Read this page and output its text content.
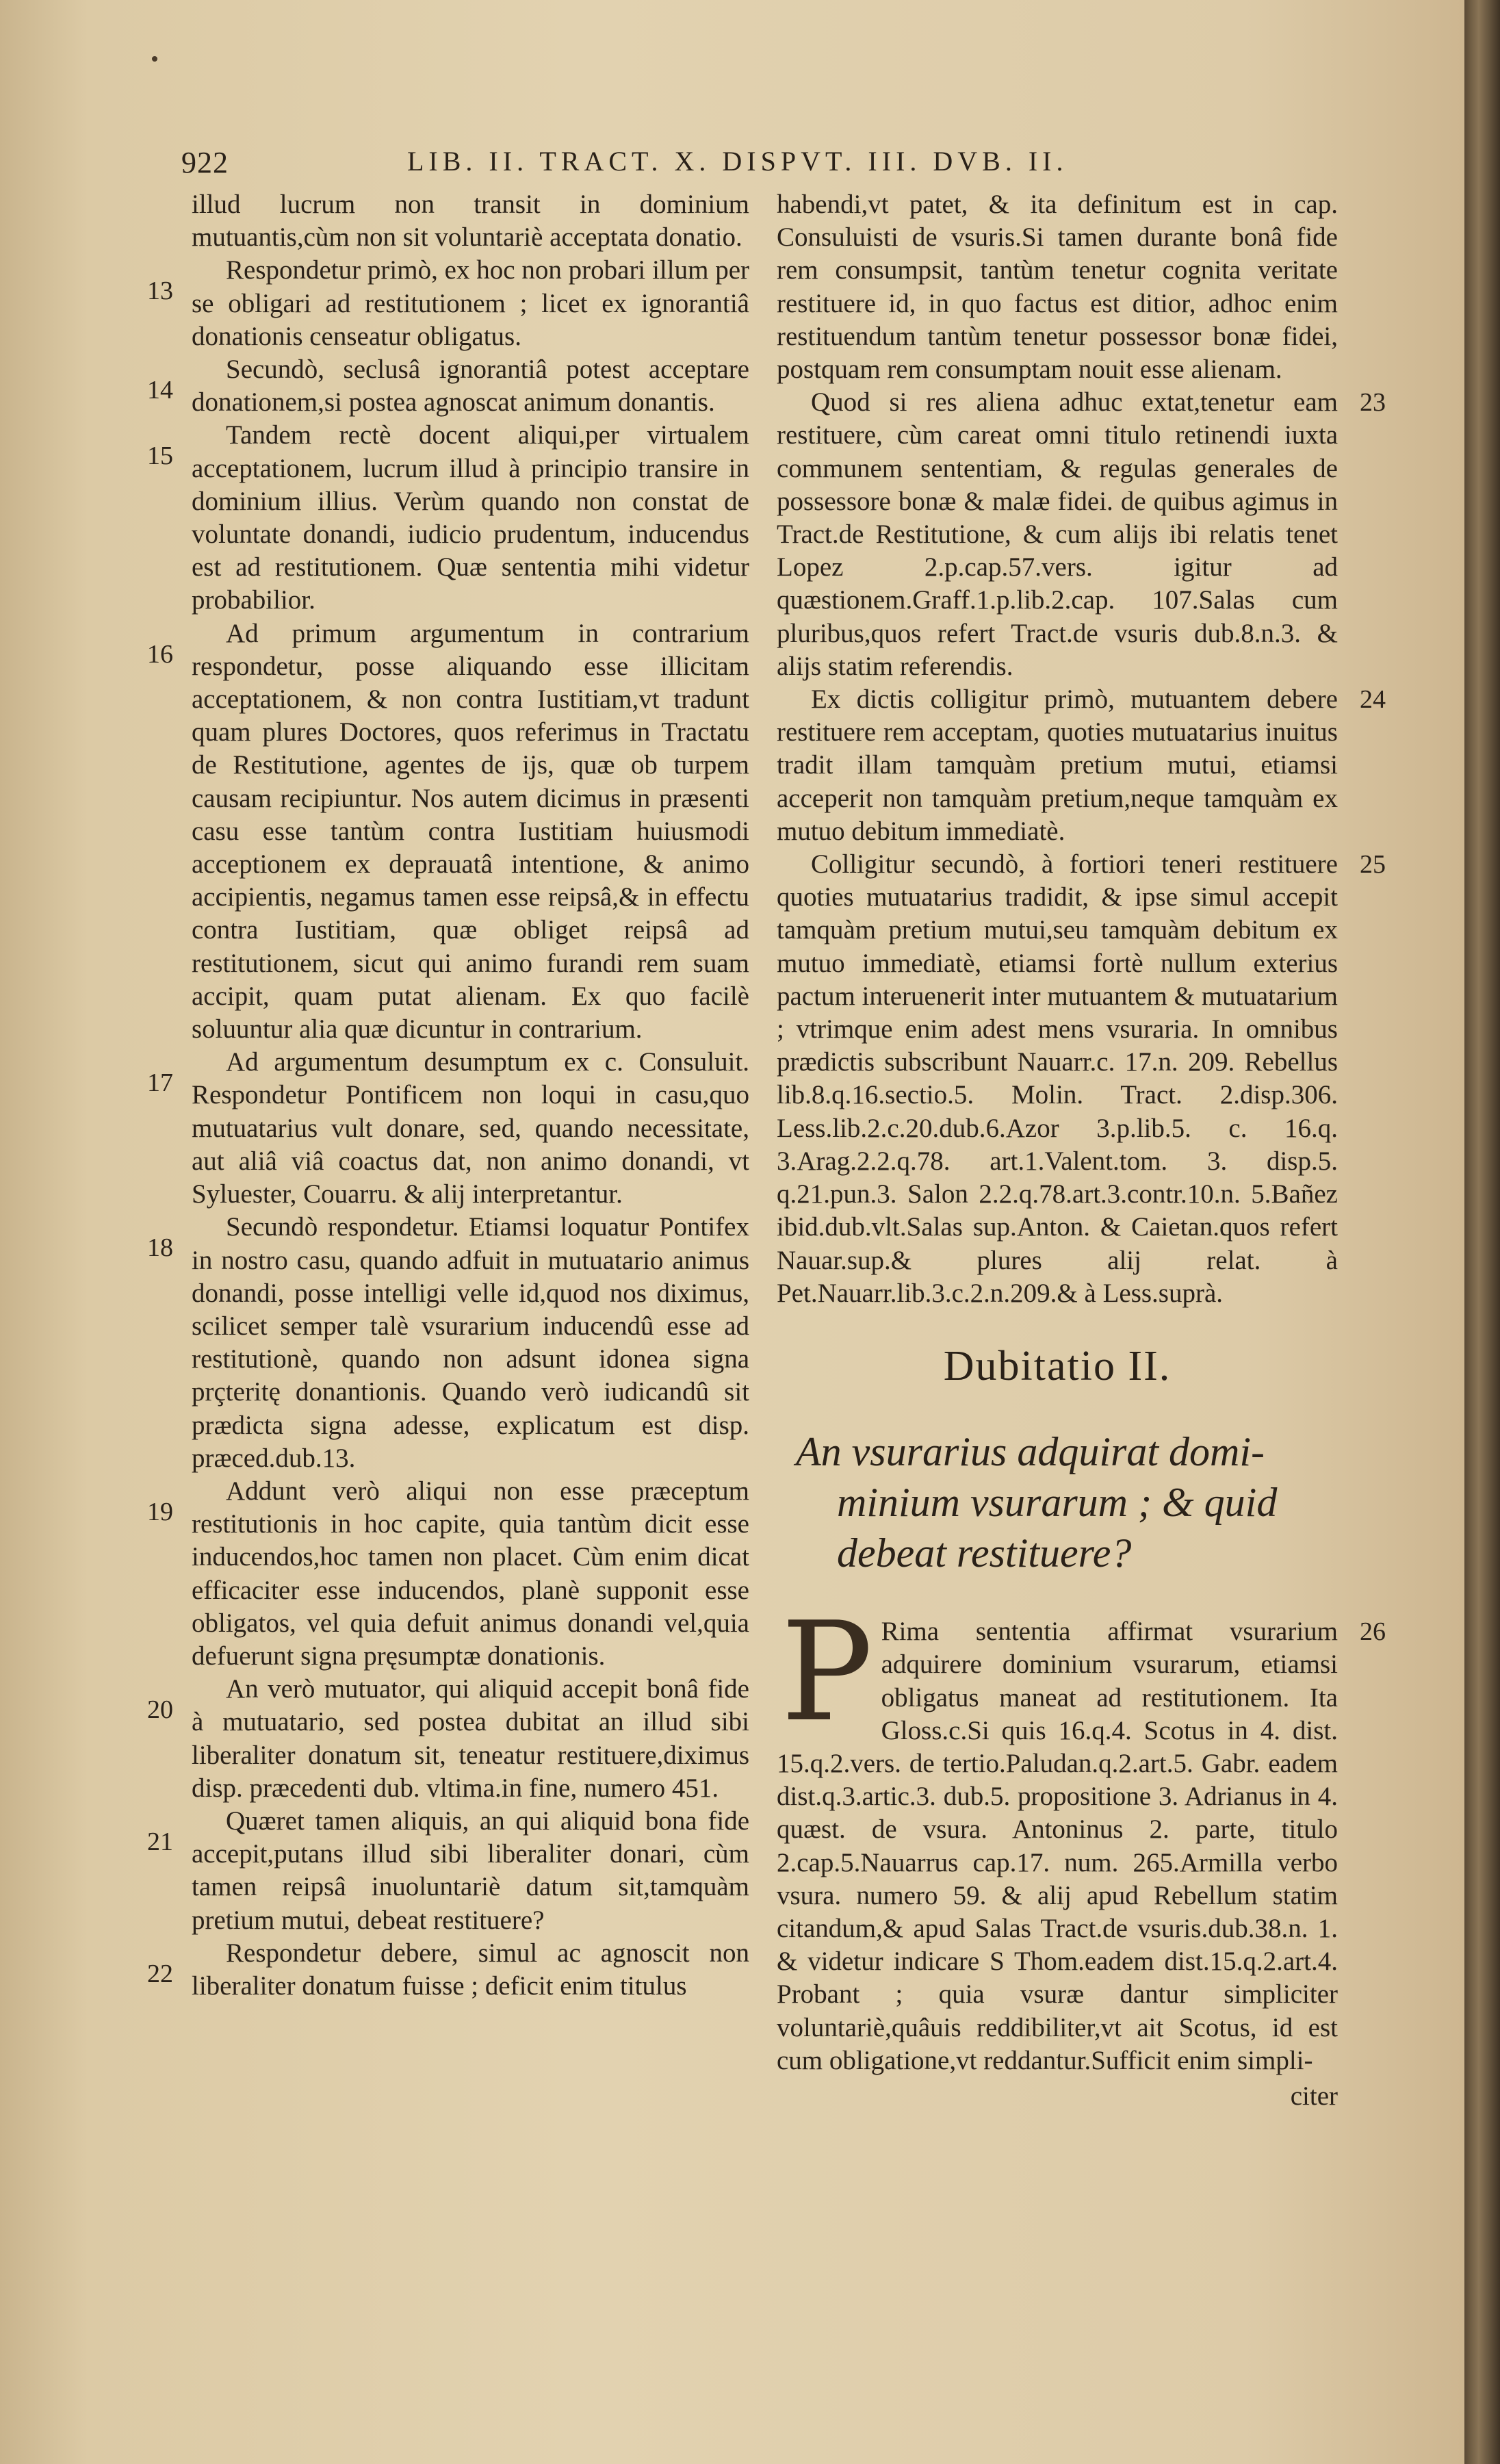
922	LIB. II. TRACT. X. DISPVT. III. DVB. II.

illud lucrum non transit in dominium mutuantis,cùm non sit voluntariè acceptata donatio.

13
Respondetur primò, ex hoc non probari illum per se obligari ad restitutionem ; licet ex ignorantiâ donationis censeatur obligatus.

14
Secundò, seclusâ ignorantiâ potest acceptare donationem,si postea agnoscat animum donantis.

15
Tandem rectè docent aliqui,per virtualem acceptationem, lucrum illud à principio transire in dominium illius. Verùm quando non constat de voluntate donandi, iudicio prudentum, inducendus est ad restitutionem. Quæ sententia mihi videtur probabilior.

16
Ad primum argumentum in contrarium respondetur, posse aliquando esse illicitam acceptationem, & non contra Iustitiam,vt tradunt quam plures Doctores, quos referimus in Tractatu de Restitutione, agentes de ijs, quæ ob turpem causam recipiuntur. Nos autem dicimus in præsenti casu esse tantùm contra Iustitiam huiusmodi acceptionem ex deprauatâ intentione, & animo accipientis, negamus tamen esse reipsâ,& in effectu contra Iustitiam, quæ obliget reipsâ ad restitutionem, sicut qui animo furandi rem suam accipit, quam putat alienam. Ex quo facilè soluuntur alia quæ dicuntur in contrarium.

17
Ad argumentum desumptum ex c. Consuluit. Respondetur Pontificem non loqui in casu,quo mutuatarius vult donare, sed, quando necessitate, aut aliâ viâ coactus dat, non animo donandi, vt Syluester, Couarru. & alij interpretantur.

18
Secundò respondetur. Etiamsi loquatur Pontifex in nostro casu, quando adfuit in mutuatario animus donandi, posse intelligi velle id,quod nos diximus, scilicet semper talè vsurarium inducendû esse ad restitutionè, quando non adsunt idonea signa prçteritę donantionis. Quando verò iudicandû sit prædicta signa adesse, explicatum est disp. præced.dub.13.

19
Addunt verò aliqui non esse præceptum restitutionis in hoc capite, quia tantùm dicit esse inducendos,hoc tamen non placet. Cùm enim dicat efficaciter esse inducendos, planè supponit esse obligatos, vel quia defuit animus donandi vel,quia defuerunt signa pręsumptæ donationis.

20
An verò mutuator, qui aliquid accepit bonâ fide à mutuatario, sed postea dubitat an illud sibi liberaliter donatum sit, teneatur restituere,diximus disp. præcedenti dub. vltima.in fine, numero 451.

21
Quæret tamen aliquis, an qui aliquid bona fide accepit,putans illud sibi liberaliter donari, cùm tamen reipsâ inuoluntariè datum sit,tamquàm pretium mutui, debeat restituere?

22
Respondetur debere, simul ac agnoscit non liberaliter donatum fuisse ; deficit enim titulus

habendi,vt patet, & ita definitum est in cap. Consuluisti de vsuris.Si tamen durante bonâ fide rem consumpsit, tantùm tenetur cognita veritate restituere id, in quo factus est ditior, adhoc enim restituendum tantùm tenetur possessor bonæ fidei, postquam rem consumptam nouit esse alienam.

23
Quod si res aliena adhuc extat,tenetur eam restituere, cùm careat omni titulo retinendi iuxta communem sententiam, & regulas generales de possessore bonæ & malæ fidei. de quibus agimus in Tract.de Restitutione, & cum alijs ibi relatis tenet Lopez 2.p.cap.57.vers. igitur ad quæstionem.Graff.1.p.lib.2.cap. 107.Salas cum pluribus,quos refert Tract.de vsuris dub.8.n.3. & alijs statim referendis.

24
Ex dictis colligitur primò, mutuantem debere restituere rem acceptam, quoties mutuatarius inuitus tradit illam tamquàm pretium mutui, etiamsi acceperit non tamquàm pretium,neque tamquàm ex mutuo debitum immediatè.

25
Colligitur secundò, à fortiori teneri restituere quoties mutuatarius tradidit, & ipse simul accepit tamquàm pretium mutui,seu tamquàm debitum ex mutuo immediatè, etiamsi fortè nullum exterius pactum interuenerit inter mutuantem & mutuatarium ; vtrimque enim adest mens vsuraria. In omnibus prædictis subscribunt Nauarr.c. 17.n. 209. Rebellus lib.8.q.16.sectio.5. Molin. Tract. 2.disp.306. Less.lib.2.c.20.dub.6.Azor 3.p.lib.5. c. 16.q. 3.Arag.2.2.q.78. art.1.Valent.tom. 3. disp.5. q.21.pun.3. Salon 2.2.q.78.art.3.contr.10.n. 5.Bañez ibid.dub.vlt.Salas sup.Anton. & Caietan.quos refert Nauar.sup.& plures alij relat. à Pet.Nauarr.lib.3.c.2.n.209.& à Less.suprà.

Dubitatio II.
An vsurarius adquirat domi-
minium vsurarum ; & quid
debeat restituere?

P	26
Rima sententia affirmat vsurarium adquirere dominium vsurarum, etiamsi obligatus maneat ad restitutionem. Ita Gloss.c.Si quis 16.q.4. Scotus in 4. dist. 15.q.2.vers. de tertio.Paludan.q.2.art.5. Gabr. eadem dist.q.3.artic.3. dub.5. propositione 3. Adrianus in 4. quæst. de vsura. Antoninus 2. parte, titulo 2.cap.5.Nauarrus cap.17. num. 265.Armilla verbo vsura. numero 59. & alij apud Rebellum statim citandum,& apud Salas Tract.de vsuris.dub.38.n. 1. & videtur indicare S Thom.eadem dist.15.q.2.art.4. Probant ; quia vsuræ dantur simpliciter voluntariè,quâuis reddibiliter,vt ait Scotus, id est cum obligatione,vt reddantur.Sufficit enim simpli-

citer
